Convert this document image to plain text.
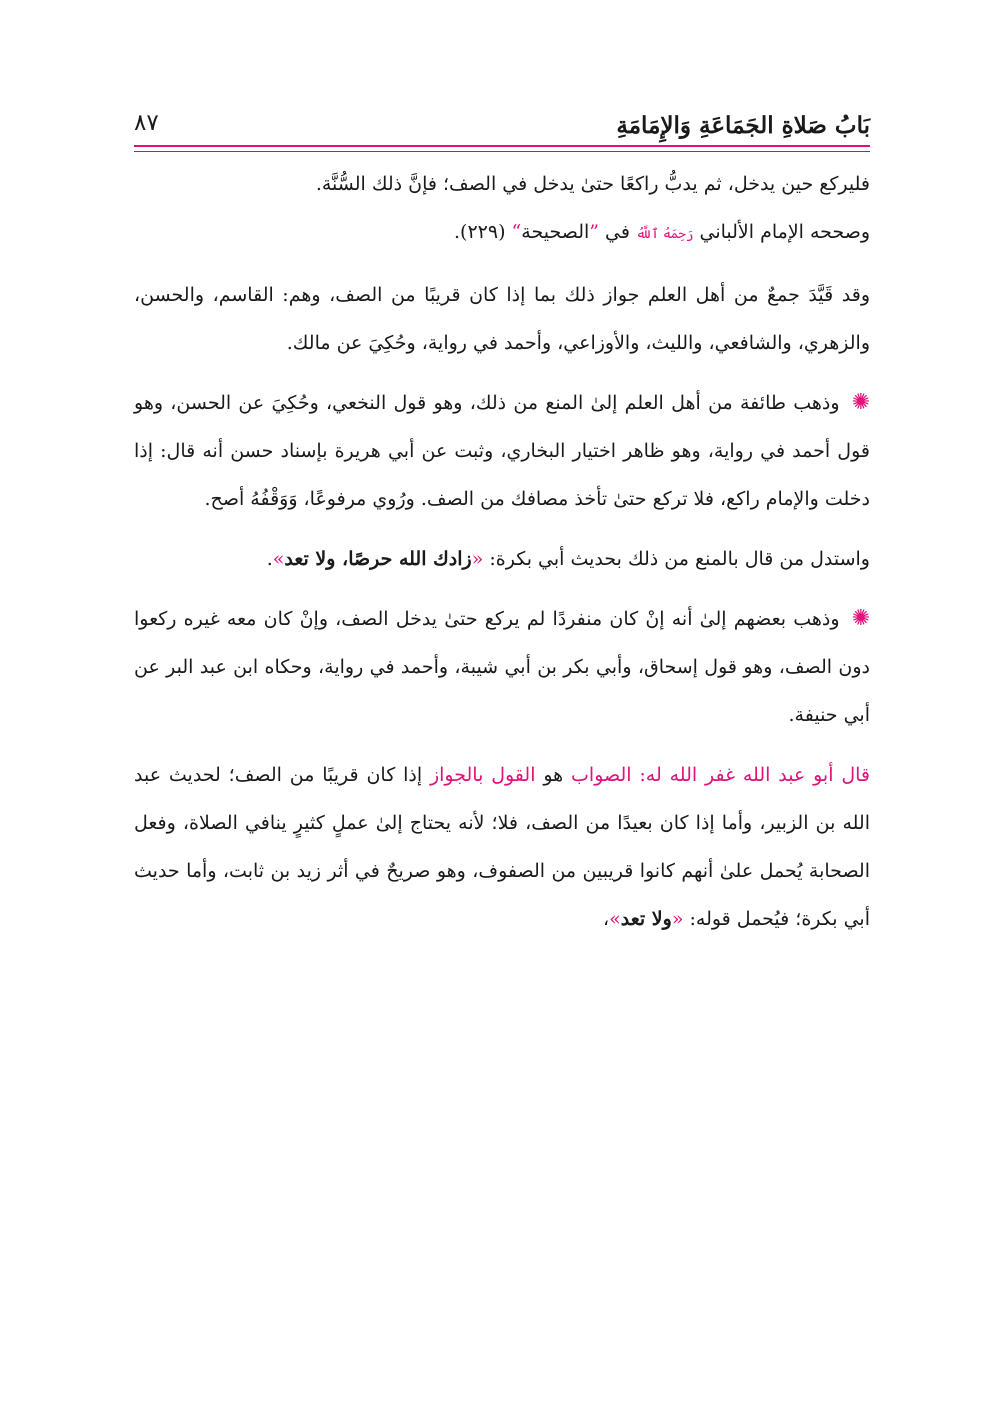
بَابُ صَلاةِ الجَمَاعَةِ وَالإِمَامَةِ
٨٧

فليركع حين يدخل، ثم يدبُّ راكعًا حتىٰ يدخل في الصف؛ فإنَّ ذلك السُّنَّة.

وصححه الإمام الألباني رَحِمَهُ ٱللَّهُ في ”الصحيحة“ (٢٢٩).

وقد قَيَّدَ جمعٌ من أهل العلم جواز ذلك بما إذا كان قريبًا من الصف، وهم: القاسم، والحسن، والزهري، والشافعي، والليث، والأوزاعي، وأحمد في رواية، وحُكِيَ عن مالك.

✺وذهب طائفة من أهل العلم إلىٰ المنع من ذلك، وهو قول النخعي، وحُكِيَ عن الحسن، وهو قول أحمد في رواية، وهو ظاهر اختيار البخاري، وثبت عن أبي هريرة بإسناد حسن أنه قال: إذا دخلت والإمام راكع، فلا تركع حتىٰ تأخذ مصافك من الصف. ورُوي مرفوعًا، وَوَقْفُهُ أصح.

واستدل من قال بالمنع من ذلك بحديث أبي بكرة: «زادك الله حرصًا، ولا تعد».

✺وذهب بعضهم إلىٰ أنه إنْ كان منفردًا لم يركع حتىٰ يدخل الصف، وإنْ كان معه غيره ركعوا دون الصف، وهو قول إسحاق، وأبي بكر بن أبي شيبة، وأحمد في رواية، وحكاه ابن عبد البر عن أبي حنيفة.

قال أبو عبد الله غفر الله له: الصواب هو القول بالجواز إذا كان قريبًا من الصف؛ لحديث عبد الله بن الزبير، وأما إذا كان بعيدًا من الصف، فلا؛ لأنه يحتاج إلىٰ عملٍ كثيرٍ ينافي الصلاة، وفعل الصحابة يُحمل علىٰ أنهم كانوا قريبين من الصفوف، وهو صريحٌ في أثر زيد بن ثابت، وأما حديث أبي بكرة؛ فيُحمل قوله: «ولا تعد»،
